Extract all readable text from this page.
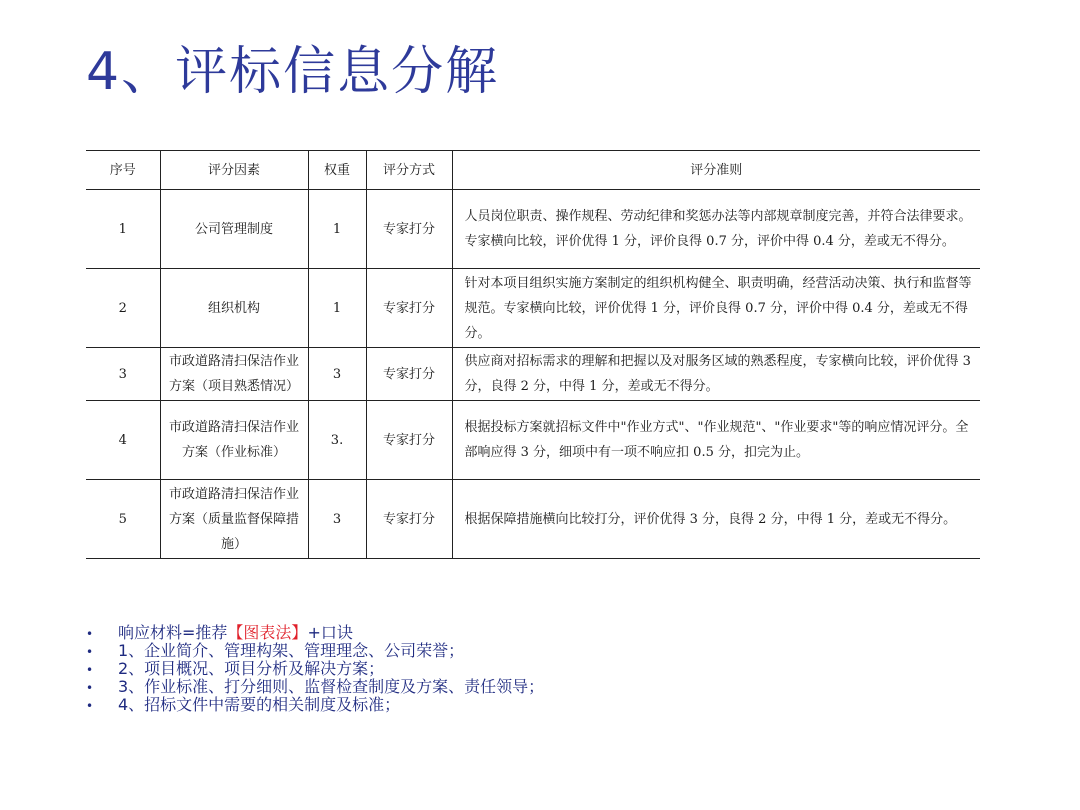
4、评标信息分解
序号	评分因素	权重	评分方式	评分准则
1	公司管理制度	1	专家打分	人员岗位职责、操作规程、劳动纪律和奖惩办法等内部规章制度完善，并符合法律要求。专家横向比较，评价优得 1 分，评价良得 0.7 分，评价中得 0.4 分，差或无不得分。
2	组织机构	1	专家打分	针对本项目组织实施方案制定的组织机构健全、职责明确，经营活动决策、执行和监督等规范。专家横向比较，评价优得 1 分，评价良得 0.7 分，评价中得 0.4 分，差或无不得分。
3	市政道路清扫保洁作业方案（项目熟悉情况）	3	专家打分	供应商对招标需求的理解和把握以及对服务区域的熟悉程度，专家横向比较，评价优得 3 分，良得 2 分，中得 1 分，差或无不得分。
4	市政道路清扫保洁作业方案（作业标准）	3.	专家打分	根据投标方案就招标文件中"作业方式"、"作业规范"、"作业要求"等的响应情况评分。全部响应得 3 分，细项中有一项不响应扣 0.5 分，扣完为止。
5	市政道路清扫保洁作业方案（质量监督保障措施）	3	专家打分	根据保障措施横向比较打分，评价优得 3 分，良得 2 分，中得 1 分，差或无不得分。
•	响应材料=推荐【图表法】+口诀
•	1、企业简介、管理构架、管理理念、公司荣誉；
•	2、项目概况、项目分析及解决方案；
•	3、作业标准、打分细则、监督检查制度及方案、责任领导；
•	4、招标文件中需要的相关制度及标准；
